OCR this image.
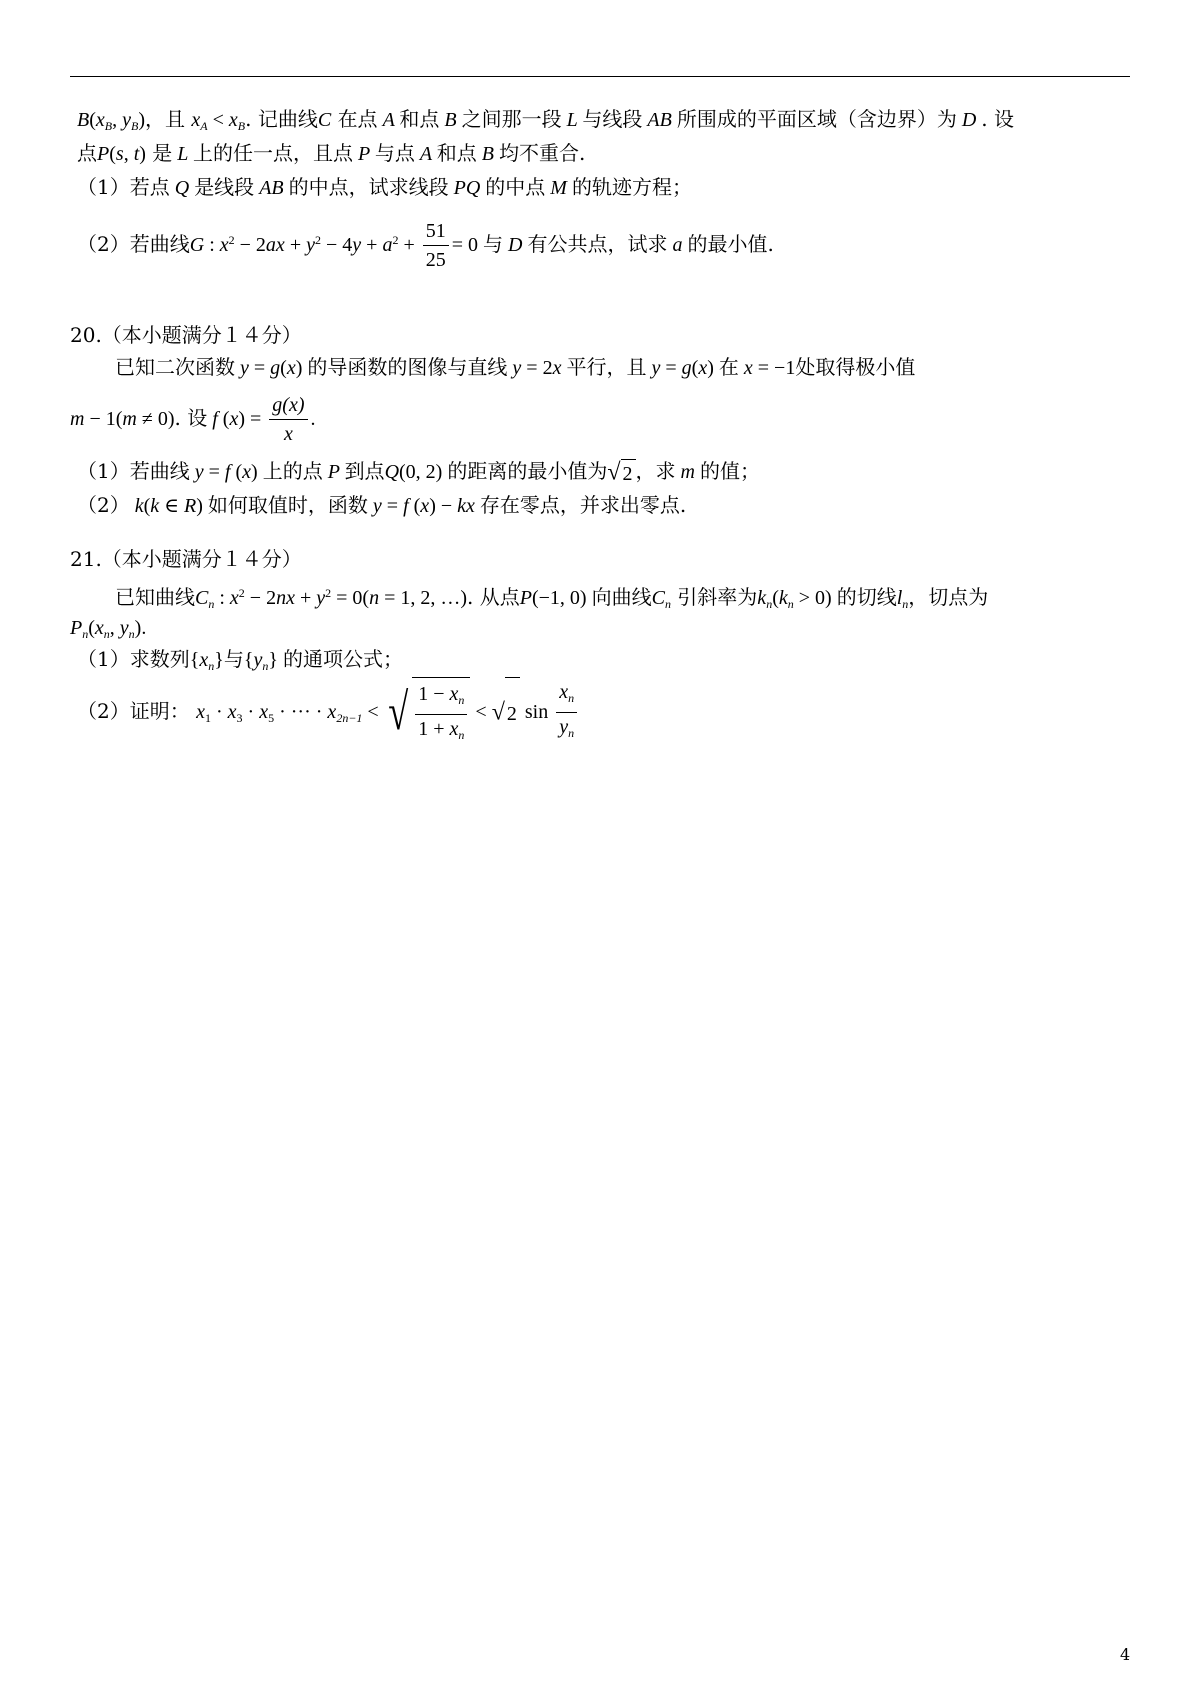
$B(x_B$, $y_B$)，且 $x_A < x_B$. 记曲线C 在点 A 和点 B 之间那一段 L 与线段 AB 所围成的平面区域（含边界）为 D . 设
点P(s, t) 是 L 上的任一点，且点 P 与点 A 和点 B 均不重合.
（1）若点 Q 是线段 AB 的中点，试求线段 PQ 的中点 M 的轨迹方程；
（2）若曲线G : $x^2 - 2ax + y^2 - 4y + a^2 + \frac{51}{25} = 0$ 与 D 有公共点，试求 a 的最小值.
20.（本小题满分１４分）
已知二次函数 y = g(x) 的导函数的图像与直线 y = 2x 平行，且 y = g(x) 在 x = −1处取得极小值
m − 1(m ≠ 0). 设 f $(x) = \frac{g(x)}{x}$ .
（1）若曲线 y = f (x) 上的点 P 到点Q(0, 2) 的距离的最小值为√ 2 ，求 m 的值；
（2） k(k ∈ R) 如何取值时，函数 y = f (x) − kx 存在零点，并求出零点.
21.（本小题满分１４分）
已知曲线$C_n$ : $x^2 - 2nx + y^2 = 0(n = 1$, 2, …). 从点P(−1, 0) 向曲线$C_n$ 引斜率为$k_n(k_n > 0)$ 的切线$l_n$，切点为
$P_n(x_n$, $y_n$).
（1）求数列$\{x_n\}$与$\{y_n\}$ 的通项公式；
（2）证明： $x_1 \cdot x_3 \cdot x_5$ · ··· · $x_{2n-1}$ < √ $\frac{1 - x_n}{1 + x_n}$ < √ 2 $\sin \frac{x_n}{y_n}$
4
